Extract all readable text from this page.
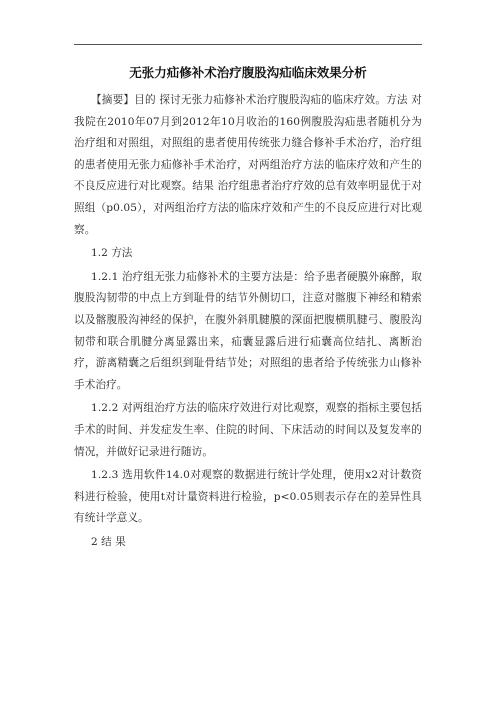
无张力疝修补术治疗腹股沟疝临床效果分析

【摘要】目的 探讨无张力疝修补术治疗腹股沟疝的临床疗效。方法 对我院在2010年07月到2012年10月收治的160例腹股沟疝患者随机分为治疗组和对照组，对照组的患者使用传统张力缝合修补手术治疗，治疗组的患者使用无张力疝修补手术治疗，对两组治疗方法的临床疗效和产生的不良反应进行对比观察。结果 治疗组患者治疗疗效的总有效率明显优于对照组（p0.05），对两组治疗方法的临床疗效和产生的不良反应进行对比观察。

1.2 方法

1.2.1 治疗组无张力疝修补术的主要方法是：给予患者硬膜外麻醉，取腹股沟韧带的中点上方到耻骨的结节外侧切口，注意对髂腹下神经和精索以及髂腹股沟神经的保护，在腹外斜肌腱膜的深面把腹横肌腱弓、腹股沟韧带和联合肌腱分离显露出来，疝囊显露后进行疝囊高位结扎、离断治疗，游离精囊之后组织到耻骨结节处；对照组的患者给予传统张力山修补手术治疗。

1.2.2 对两组治疗方法的临床疗效进行对比观察，观察的指标主要包括手术的时间、并发症发生率、住院的时间、下床活动的时间以及复发率的情况，并做好记录进行随访。

1.2.3 选用软件14.0对观察的数据进行统计学处理，使用x2对计数资料进行检验，使用t对计量资料进行检验，p<0.05则表示存在的差异性具有统计学意义。

2 结 果
